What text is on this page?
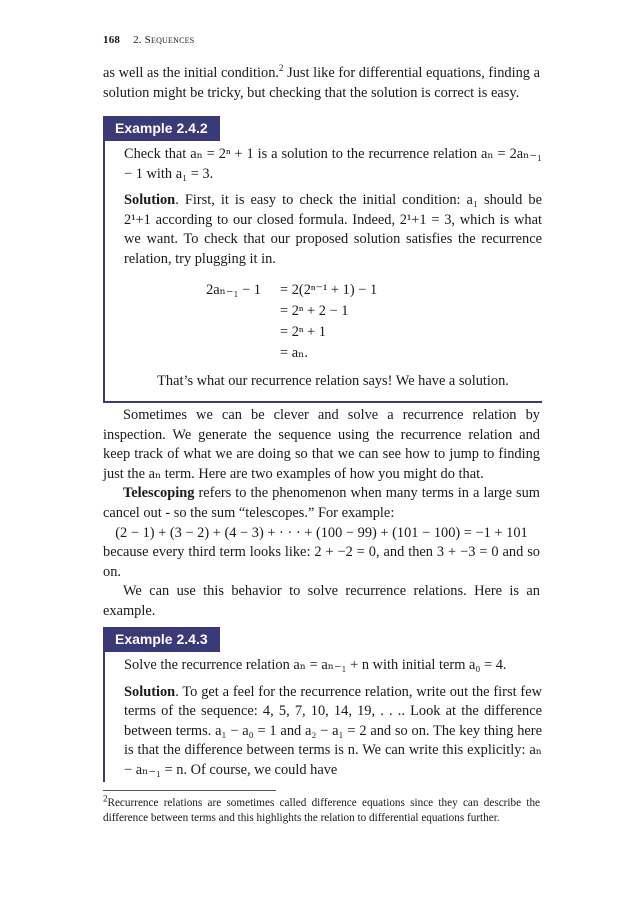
168 2. Sequences

as well as the initial condition.$^2$ Just like for differential equations, finding a solution might be tricky, but checking that the solution is correct is easy.

Example 2.4.2

Check that aₙ = 2ⁿ + 1 is a solution to the recurrence relation aₙ = 2aₙ₋₁ − 1 with a₁ = 3.

Solution. First, it is easy to check the initial condition: a₁ should be 2¹+1 according to our closed formula. Indeed, 2¹+1 = 3, which is what we want. To check that our proposed solution satisfies the recurrence relation, try plugging it in.

2aₙ₋₁ − 1 = 2(2ⁿ⁻¹ + 1) − 1
= 2ⁿ + 2 − 1
= 2ⁿ + 1
= aₙ.

That’s what our recurrence relation says! We have a solution.

Sometimes we can be clever and solve a recurrence relation by inspection. We generate the sequence using the recurrence relation and keep track of what we are doing so that we can see how to jump to finding just the aₙ term. Here are two examples of how you might do that.

Telescoping refers to the phenomenon when many terms in a large sum cancel out - so the sum “telescopes.” For example:

(2 − 1) + (3 − 2) + (4 − 3) + · · · + (100 − 99) + (101 − 100) = −1 + 101

because every third term looks like: 2 + −2 = 0, and then 3 + −3 = 0 and so on.

We can use this behavior to solve recurrence relations. Here is an example.

Example 2.4.3

Solve the recurrence relation aₙ = aₙ₋₁ + n with initial term a₀ = 4.

Solution. To get a feel for the recurrence relation, write out the first few terms of the sequence: 4, 5, 7, 10, 14, 19, . . .. Look at the difference between terms. a₁ − a₀ = 1 and a₂ − a₁ = 2 and so on. The key thing here is that the difference between terms is n. We can write this explicitly: aₙ − aₙ₋₁ = n. Of course, we could have

$^2$Recurrence relations are sometimes called difference equations since they can describe the difference between terms and this highlights the relation to differential equations further.
